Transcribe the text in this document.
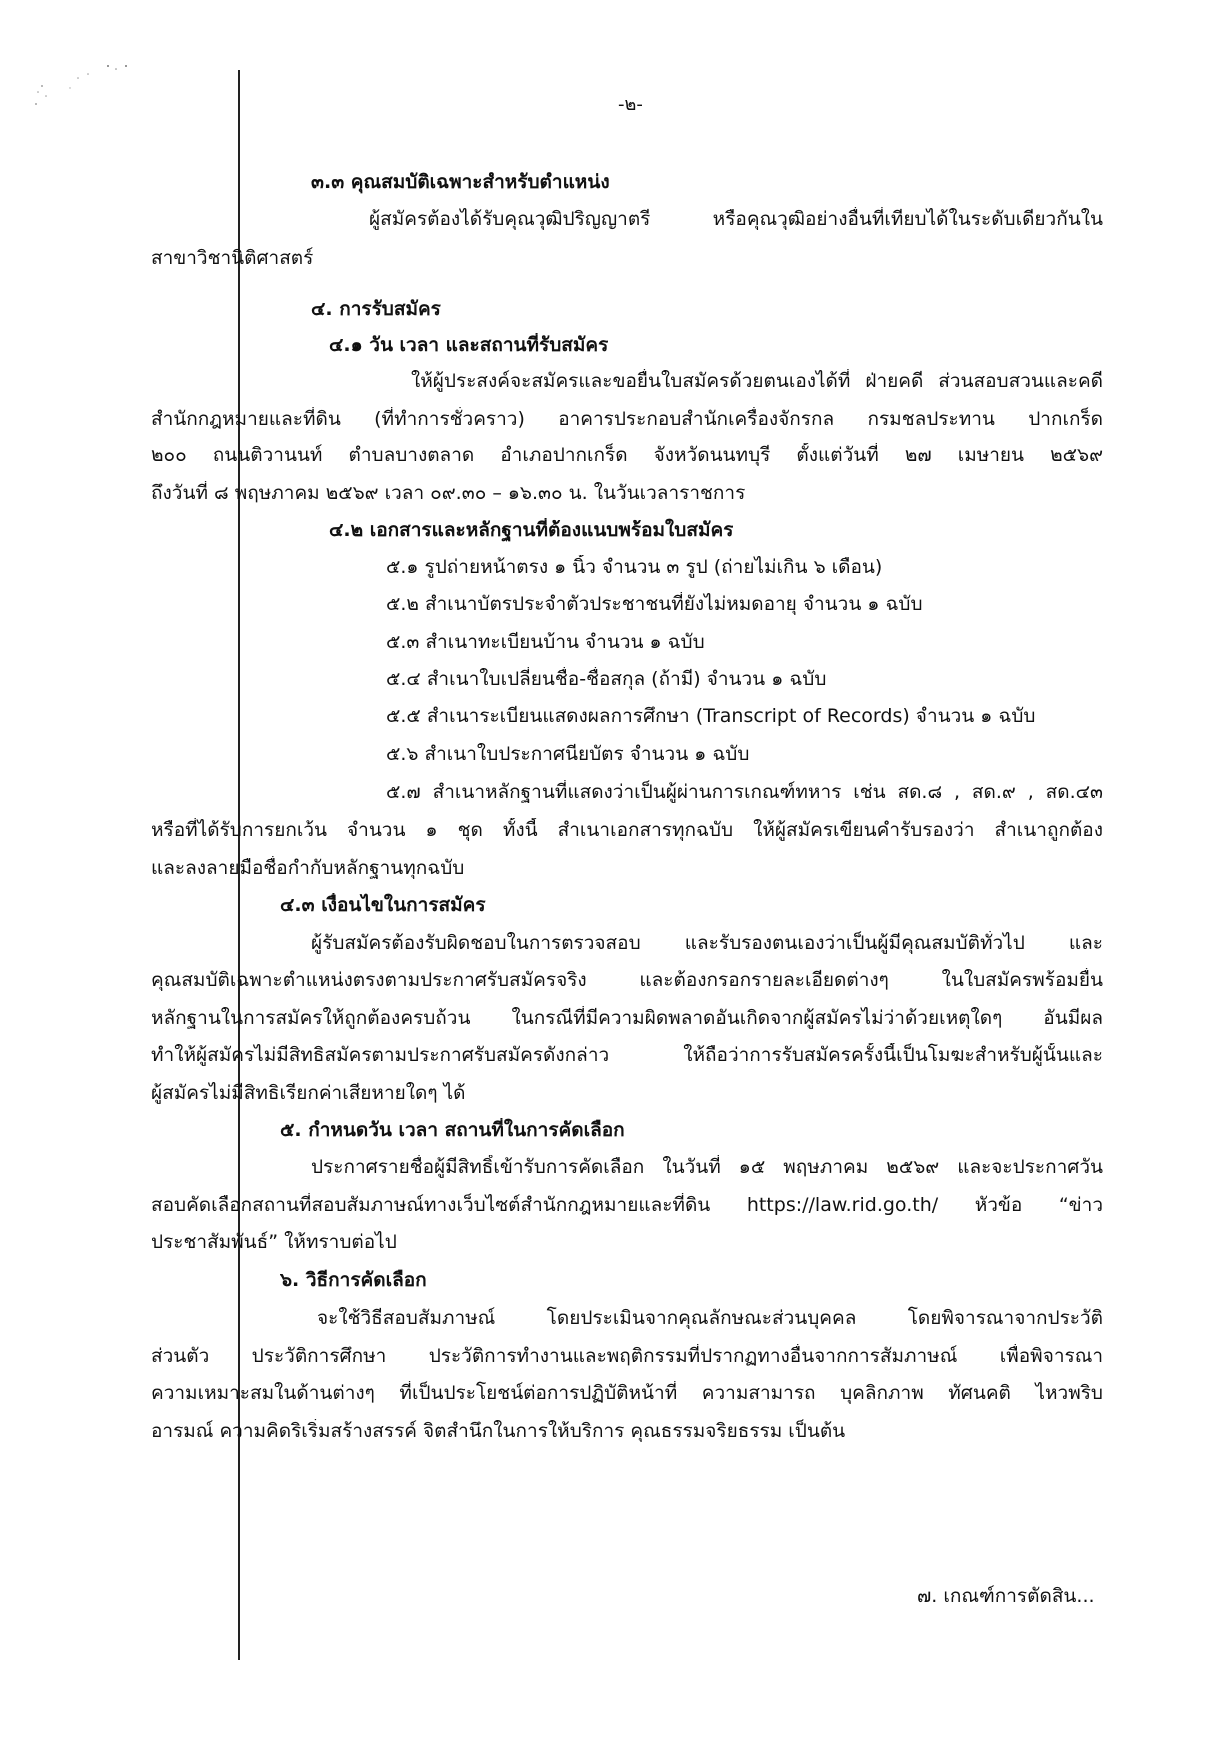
-๒-
๓.๓ คุณสมบัติเฉพาะสำหรับตำแหน่ง
ผู้สมัครต้องได้รับคุณวุฒิปริญญาตรี หรือคุณวุฒิอย่างอื่นที่เทียบได้ในระดับเดียวกันใน
สาขาวิชานิติศาสตร์
๔. การรับสมัคร
๔.๑ วัน เวลา และสถานที่รับสมัคร
ให้ผู้ประสงค์จะสมัครและขอยื่นใบสมัครด้วยตนเองได้ที่ ฝ่ายคดี ส่วนสอบสวนและคดี
สำนักกฎหมายและที่ดิน (ที่ทำการชั่วคราว) อาคารประกอบสำนักเครื่องจักรกล กรมชลประทาน ปากเกร็ด
๒๐๐ ถนนติวานนท์ ตำบลบางตลาด อำเภอปากเกร็ด จังหวัดนนทบุรี ตั้งแต่วันที่ ๒๗ เมษายน ๒๕๖๙
ถึงวันที่ ๘ พฤษภาคม ๒๕๖๙ เวลา ๐๙.๓๐ – ๑๖.๓๐ น. ในวันเวลาราชการ
๔.๒ เอกสารและหลักฐานที่ต้องแนบพร้อมใบสมัคร
๕.๑ รูปถ่ายหน้าตรง ๑ นิ้ว จำนวน ๓ รูป (ถ่ายไม่เกิน ๖ เดือน)
๕.๒ สำเนาบัตรประจำตัวประชาชนที่ยังไม่หมดอายุ จำนวน ๑ ฉบับ
๕.๓ สำเนาทะเบียนบ้าน จำนวน ๑ ฉบับ
๕.๔ สำเนาใบเปลี่ยนชื่อ-ชื่อสกุล (ถ้ามี) จำนวน ๑ ฉบับ
๕.๕ สำเนาระเบียนแสดงผลการศึกษา (Transcript of Records) จำนวน ๑ ฉบับ
๕.๖ สำเนาใบประกาศนียบัตร จำนวน ๑ ฉบับ
๕.๗ สำเนาหลักฐานที่แสดงว่าเป็นผู้ผ่านการเกณฑ์ทหาร เช่น สด.๘ , สด.๙ , สด.๔๓
หรือที่ได้รับการยกเว้น จำนวน ๑ ชุด ทั้งนี้ สำเนาเอกสารทุกฉบับ ให้ผู้สมัครเขียนคำรับรองว่า สำเนาถูกต้อง
และลงลายมือชื่อกำกับหลักฐานทุกฉบับ
๔.๓ เงื่อนไขในการสมัคร
ผู้รับสมัครต้องรับผิดชอบในการตรวจสอบ และรับรองตนเองว่าเป็นผู้มีคุณสมบัติทั่วไป และ
คุณสมบัติเฉพาะตำแหน่งตรงตามประกาศรับสมัครจริง และต้องกรอกรายละเอียดต่างๆ ในใบสมัครพร้อมยื่น
หลักฐานในการสมัครให้ถูกต้องครบถ้วน ในกรณีที่มีความผิดพลาดอันเกิดจากผู้สมัครไม่ว่าด้วยเหตุใดๆ อันมีผล
ทำให้ผู้สมัครไม่มีสิทธิสมัครตามประกาศรับสมัครดังกล่าว ให้ถือว่าการรับสมัครครั้งนี้เป็นโมฆะสำหรับผู้นั้นและ
ผู้สมัครไม่มีสิทธิเรียกค่าเสียหายใดๆ ได้
๕. กำหนดวัน เวลา สถานที่ในการคัดเลือก
ประกาศรายชื่อผู้มีสิทธิ์เข้ารับการคัดเลือก ในวันที่ ๑๕ พฤษภาคม ๒๕๖๙ และจะประกาศวัน
สอบคัดเลือกสถานที่สอบสัมภาษณ์ทางเว็บไซต์สำนักกฎหมายและที่ดิน https://law.rid.go.th/ หัวข้อ “ข่าว
ประชาสัมพันธ์” ให้ทราบต่อไป
๖. วิธีการคัดเลือก
จะใช้วิธีสอบสัมภาษณ์ โดยประเมินจากคุณลักษณะส่วนบุคคล โดยพิจารณาจากประวัติ
ส่วนตัว ประวัติการศึกษา ประวัติการทำงานและพฤติกรรมที่ปรากฏทางอื่นจากการสัมภาษณ์ เพื่อพิจารณา
ความเหมาะสมในด้านต่างๆ ที่เป็นประโยชน์ต่อการปฏิบัติหน้าที่ ความสามารถ บุคลิกภาพ ทัศนคติ ไหวพริบ
อารมณ์ ความคิดริเริ่มสร้างสรรค์ จิตสำนึกในการให้บริการ คุณธรรมจริยธรรม เป็นต้น
๗. เกณฑ์การตัดสิน...
